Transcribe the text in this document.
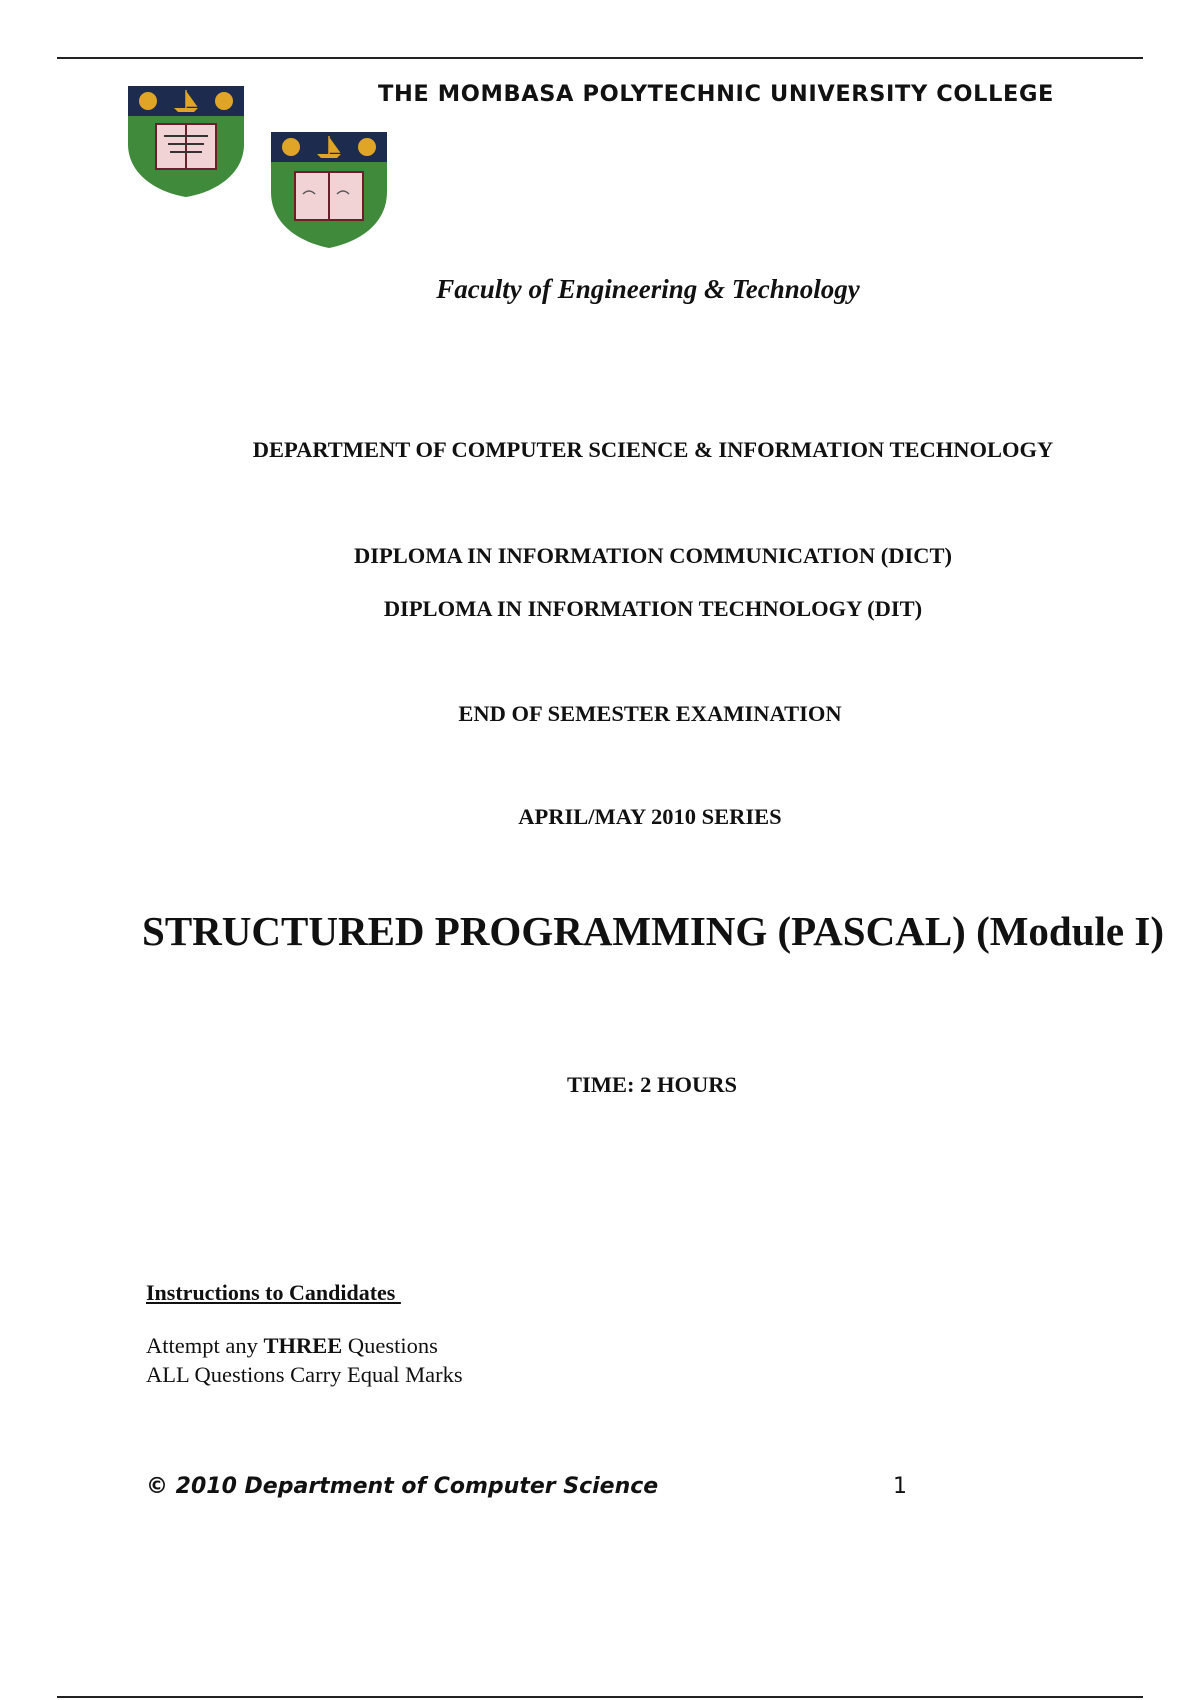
THE MOMBASA POLYTECHNIC UNIVERSITY COLLEGE
Faculty of Engineering & Technology
DEPARTMENT OF COMPUTER SCIENCE & INFORMATION TECHNOLOGY
DIPLOMA IN INFORMATION COMMUNICATION (DICT)
DIPLOMA IN INFORMATION TECHNOLOGY (DIT)
END OF SEMESTER EXAMINATION
APRIL/MAY 2010 SERIES
STRUCTURED PROGRAMMING (PASCAL) (Module I)
TIME: 2 HOURS
Instructions to Candidates
Attempt any THREE Questions
ALL Questions Carry Equal Marks
© 2010 Department of Computer Science	1
